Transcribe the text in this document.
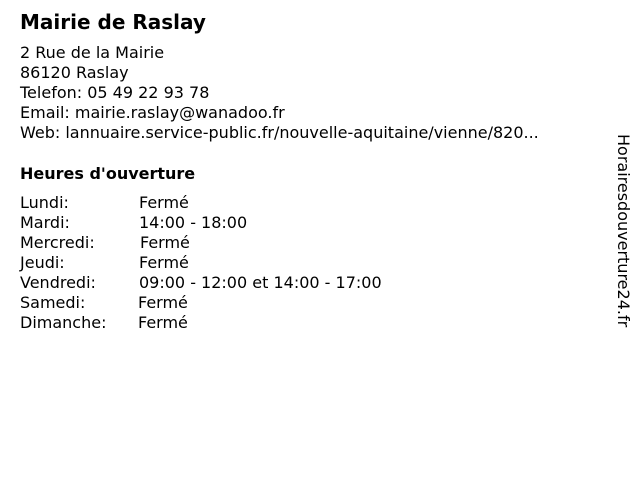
Mairie de Raslay
2 Rue de la Mairie
86120 Raslay
Telefon: 05 49 22 93 78
Email: mairie.raslay@wanadoo.fr
Web: lannuaire.service-public.fr/nouvelle-aquitaine/vienne/820...
Heures d'ouverture
Lundi:	Fermé
Mardi:	14:00 - 18:00
Mercredi:	Fermé
Jeudi:	Fermé
Vendredi:	09:00 - 12:00 et 14:00 - 17:00
Samedi:	Fermé
Dimanche: Fermé	Horairesdouverture24.fr
